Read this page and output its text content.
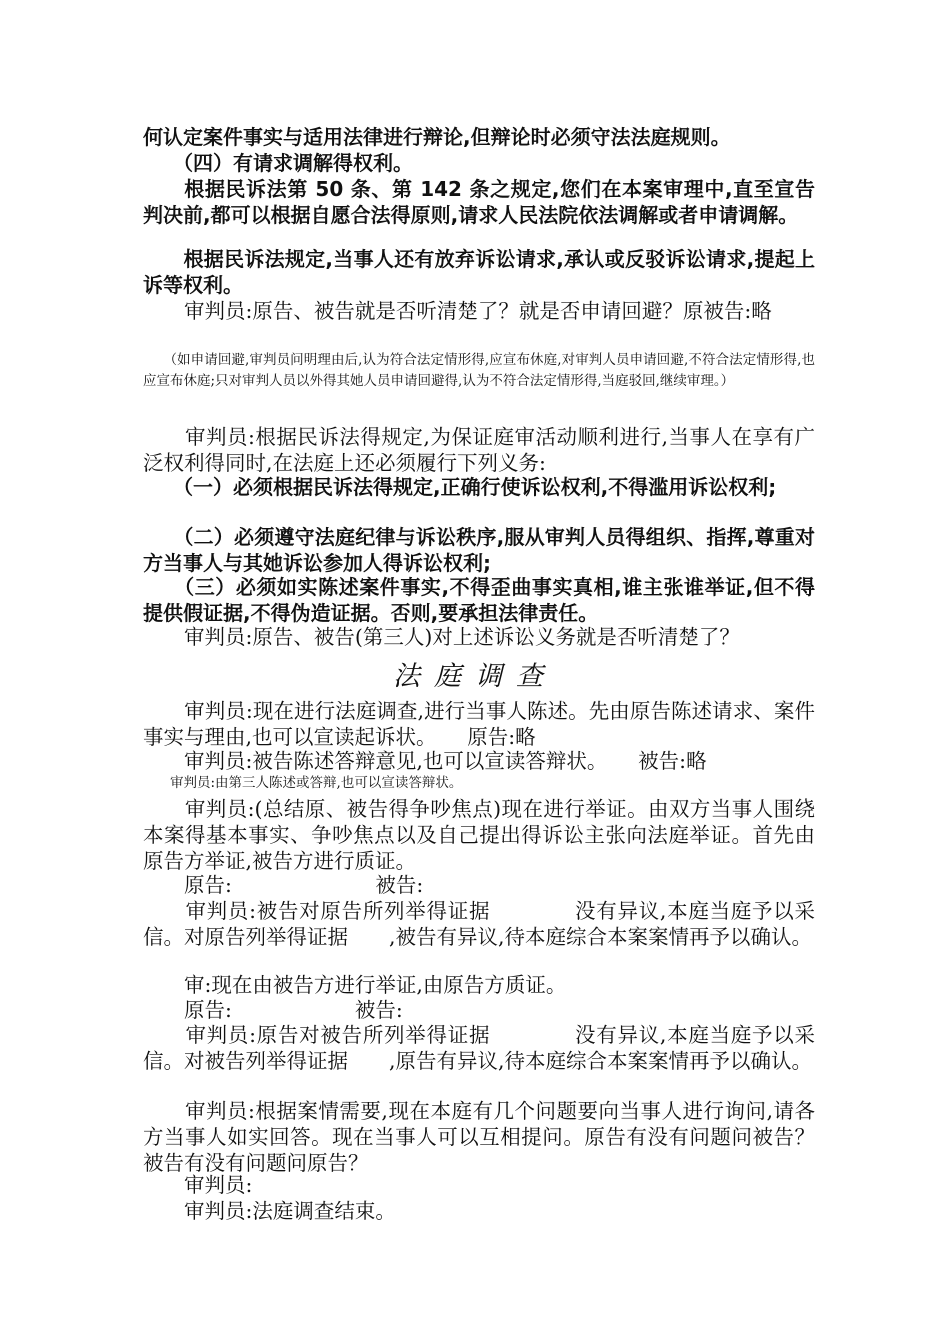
何认定案件事实与适用法律进行辩论,但辩论时必须守法法庭规则。

　　（四）有请求调解得权利。

　　根据民诉法第 50 条、第 142 条之规定,您们在本案审理中,直至宣告判决前,都可以根据自愿合法得原则,请求人民法院依法调解或者申请调解。

　　根据民诉法规定,当事人还有放弃诉讼请求,承认或反驳诉讼请求,提起上诉等权利。

　　审判员:原告、被告就是否听清楚了？就是否申请回避？原被告:略

　　（如申请回避,审判员问明理由后,认为符合法定情形得,应宣布休庭,对审判人员申请回避,不符合法定情形得,也应宣布休庭;只对审判人员以外得其她人员申请回避得,认为不符合法定情形得,当庭驳回,继续审理。）

　　审判员:根据民诉法得规定,为保证庭审活动顺利进行,当事人在享有广泛权利得同时,在法庭上还必须履行下列义务:

　　（一）必须根据民诉法得规定,正确行使诉讼权利,不得滥用诉讼权利;

　　（二）必须遵守法庭纪律与诉讼秩序,服从审判人员得组织、指挥,尊重对方当事人与其她诉讼参加人得诉讼权利;

　　（三）必须如实陈述案件事实,不得歪曲事实真相,谁主张谁举证,但不得提供假证据,不得伪造证据。否则,要承担法律责任。

　　审判员:原告、被告(第三人)对上述诉讼义务就是否听清楚了？

法庭调查

　　审判员:现在进行法庭调查,进行当事人陈述。先由原告陈述请求、案件事实与理由,也可以宣读起诉状。　　原告:略

　　审判员:被告陈述答辩意见,也可以宣读答辩状。　　被告:略

　　审判员:由第三人陈述或答辩,也可以宣读答辩状。

　　审判员:(总结原、被告得争吵焦点)现在进行举证。由双方当事人围绕本案得基本事实、争吵焦点以及自己提出得诉讼主张向法庭举证。首先由原告方举证,被告方进行质证。

　　原告:　　　　　　　被告:

　　审判员:被告对原告所列举得证据　　　　没有异议,本庭当庭予以采信。对原告列举得证据　　,被告有异议,待本庭综合本案案情再予以确认。

　　审:现在由被告方进行举证,由原告方质证。

　　原告:　　　　　　被告:

　　审判员:原告对被告所列举得证据　　　　没有异议,本庭当庭予以采信。对被告列举得证据　　,原告有异议,待本庭综合本案案情再予以确认。

　　审判员:根据案情需要,现在本庭有几个问题要向当事人进行询问,请各方当事人如实回答。现在当事人可以互相提问。原告有没有问题问被告？被告有没有问题问原告？

　　审判员:

　　审判员:法庭调查结束。
